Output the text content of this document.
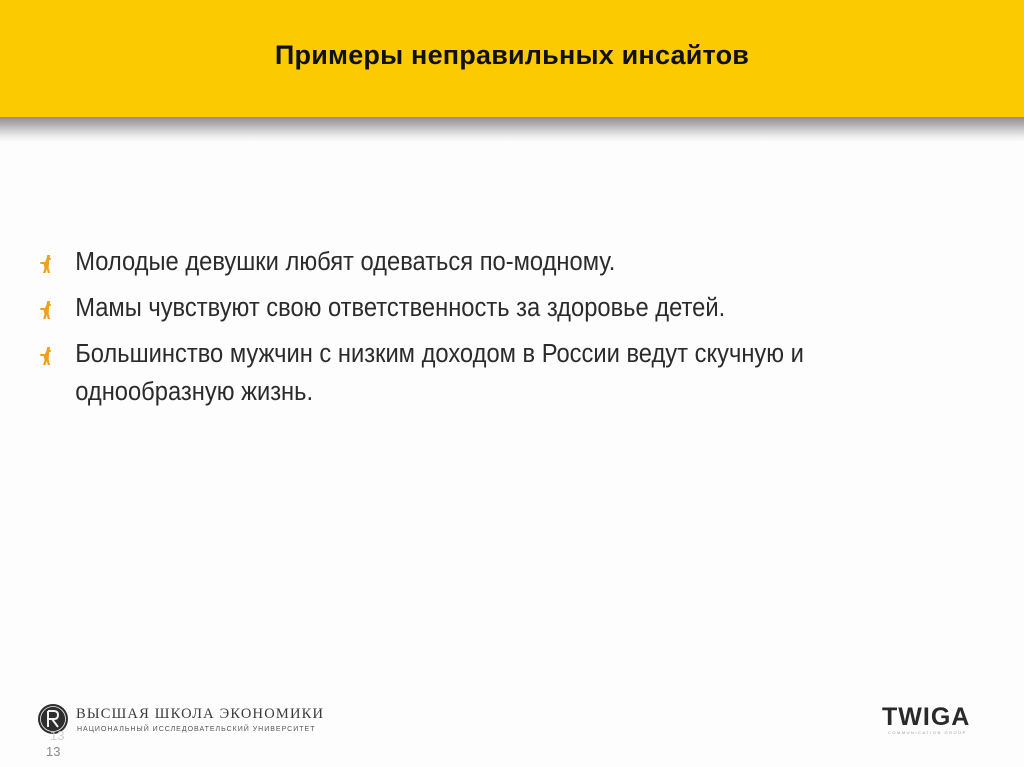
Примеры неправильных инсайтов
Молодые девушки любят одеваться по-модному.
Мамы чувствуют свою ответственность за здоровье детей.
Большинство мужчин с низким доходом в России ведут скучную и однообразную жизнь.
ВЫСШАЯ ШКОЛА ЭКОНОМИКИ
НАЦИОНАЛЬНЫЙ ИССЛЕДОВАТЕЛЬСКИЙ УНИВЕРСИТЕТ	TWIGA
COMMUNICATION GROUP
13
13
